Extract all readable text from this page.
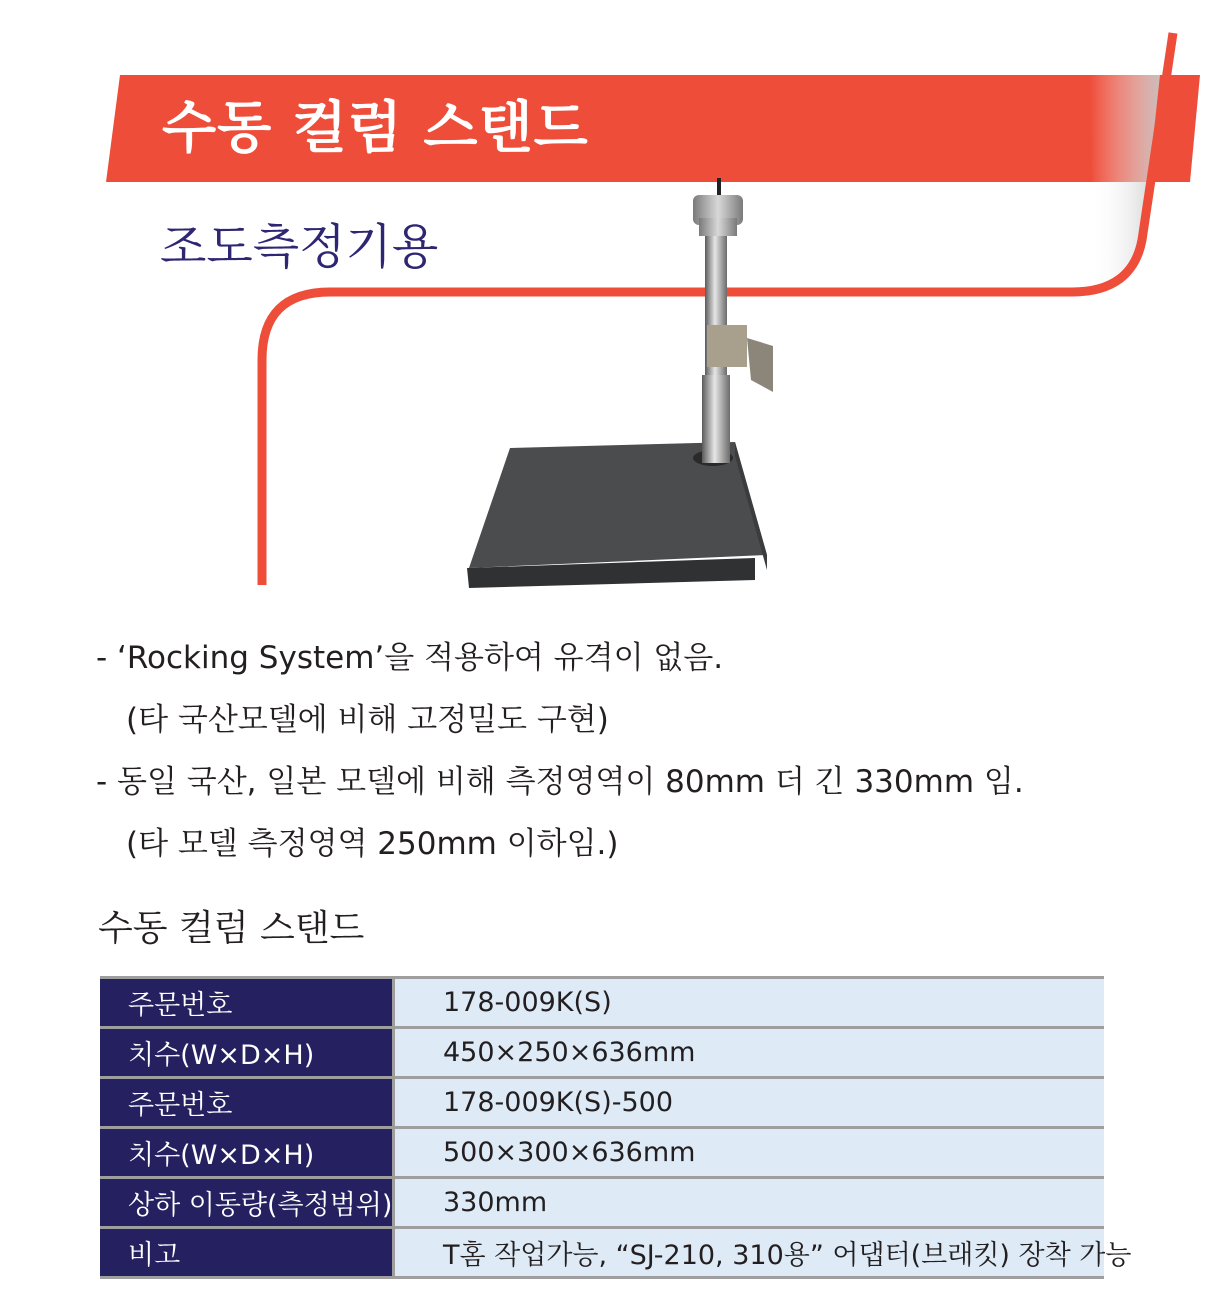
수동 컬럼 스탠드
조도측정기용
- ‘Rocking System’을 적용하여 유격이 없음.
(타 국산모델에 비해 고정밀도 구현)
- 동일 국산, 일본 모델에 비해 측정영역이 80mm 더 긴 330mm 임.
(타 모델 측정영역 250mm 이하임.)
수동 컬럼 스탠드
주문번호	178-009K(S)
치수(W×D×H)	450×250×636mm
주문번호	178-009K(S)-500
치수(W×D×H)	500×300×636mm
상하 이동량(측정범위)	330mm
비고	T홈 작업가능, “SJ-210, 310용” 어댑터(브래킷) 장착 가능
